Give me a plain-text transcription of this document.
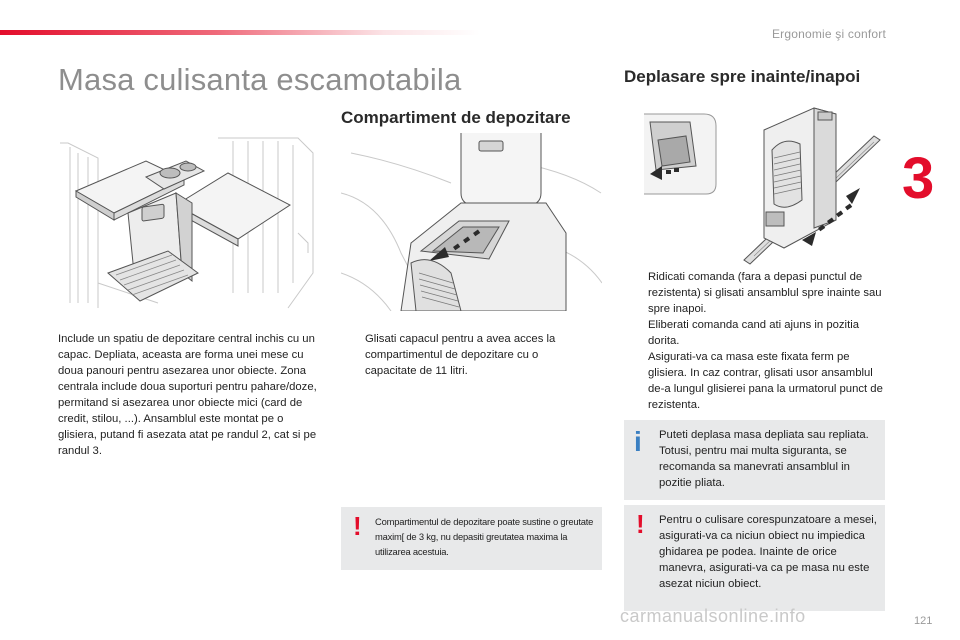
Ergonomie şi confort
3
Masa culisanta escamotabila
Compartiment de depozitare
Deplasare spre inainte/inapoi
Include un spatiu de depozitare central inchis cu un capac. Depliata, aceasta are forma unei mese cu doua panouri pentru asezarea unor obiecte. Zona centrala include doua suporturi pentru pahare/doze, permitand si asezarea unor obiecte mici (card de credit, stilou, ...). Ansamblul este montat pe o glisiera, putand fi asezata atat pe randul 2, cat si pe randul 3.
Glisati capacul pentru a avea acces la compartimentul de depozitare cu o capacitate de 11 litri.
Ridicati comanda (fara a depasi punctul de rezistenta) si glisati ansamblul spre inainte sau spre inapoi.
Eliberati comanda cand ati ajuns in pozitia dorita.
Asigurati-va ca masa este fixata ferm pe glisiera. In caz contrar, glisati usor ansamblul de-a lungul glisierei pana la urmatorul punct de rezistenta.
! Compartimentul de depozitare poate sustine o greutate maxim[ de 3 kg, nu depasiti greutatea maxima la utilizarea acestuia.
i Puteti deplasa masa depliata sau repliata. Totusi, pentru mai multa siguranta, se recomanda sa manevrati ansamblul in pozitie pliata.
! Pentru o culisare corespunzatoare a mesei, asigurati-va ca niciun obiect nu impiedica ghidarea pe podea. Inainte de orice manevra, asigurati-va ca pe masa nu este asezat niciun obiect.
carmanualsonline.info	121
